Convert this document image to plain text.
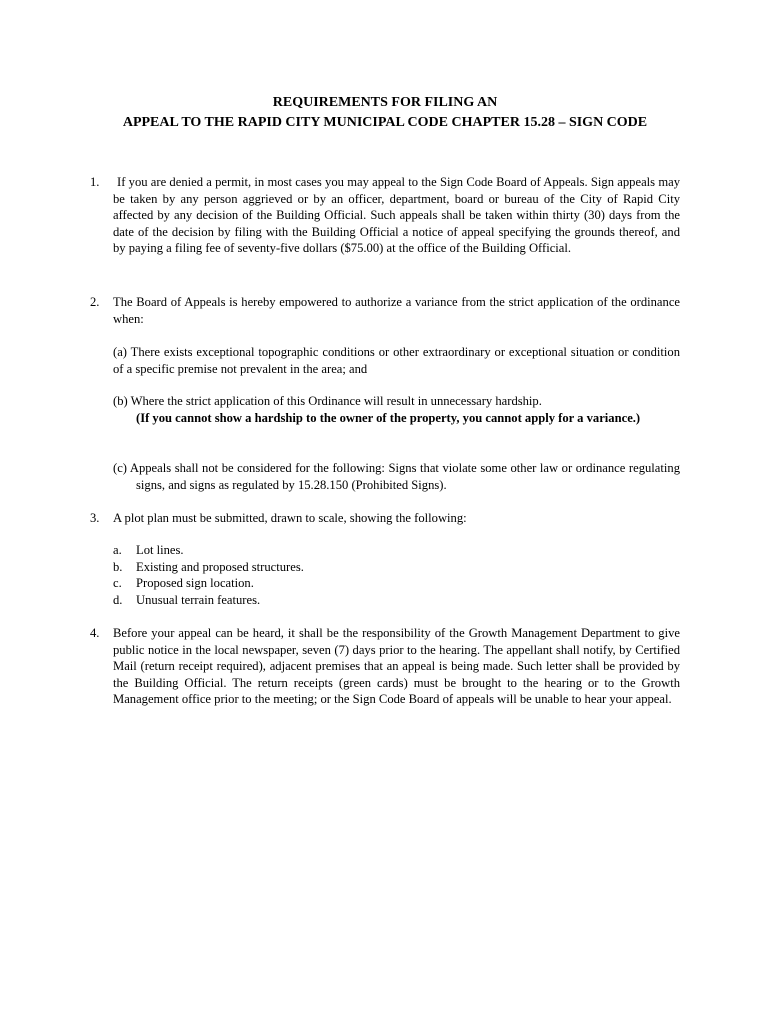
REQUIREMENTS FOR FILING AN
APPEAL TO THE RAPID CITY MUNICIPAL CODE CHAPTER 15.28 – SIGN CODE
1.	If you are denied a permit, in most cases you may appeal to the Sign Code Board of Appeals. Sign appeals may be taken by any person aggrieved or by an officer, department, board or bureau of the City of Rapid City affected by any decision of the Building Official. Such appeals shall be taken within thirty (30) days from the date of the decision by filing with the Building Official a notice of appeal specifying the grounds thereof, and by paying a filing fee of seventy-five dollars ($75.00) at the office of the Building Official.

2.	The Board of Appeals is hereby empowered to authorize a variance from the strict application of the ordinance when:

(a) There exists exceptional topographic conditions or other extraordinary or exceptional situation or condition of a specific premise not prevalent in the area; and

(b) Where the strict application of this Ordinance will result in unnecessary hardship.
(If you cannot show a hardship to the owner of the property, you cannot apply for a variance.)

(c) Appeals shall not be considered for the following: Signs that violate some other law or ordinance regulating signs, and signs as regulated by 15.28.150 (Prohibited Signs).

3.	A plot plan must be submitted, drawn to scale, showing the following:

a. Lot lines.
b. Existing and proposed structures.
c. Proposed sign location.
d. Unusual terrain features.
4.	Before your appeal can be heard, it shall be the responsibility of the Growth Management Department to give public notice in the local newspaper, seven (7) days prior to the hearing. The appellant shall notify, by Certified Mail (return receipt required), adjacent premises that an appeal is being made. Such letter shall be provided by the Building Official. The return receipts (green cards) must be brought to the hearing or to the Growth Management office prior to the meeting; or the Sign Code Board of appeals will be unable to hear your appeal.
